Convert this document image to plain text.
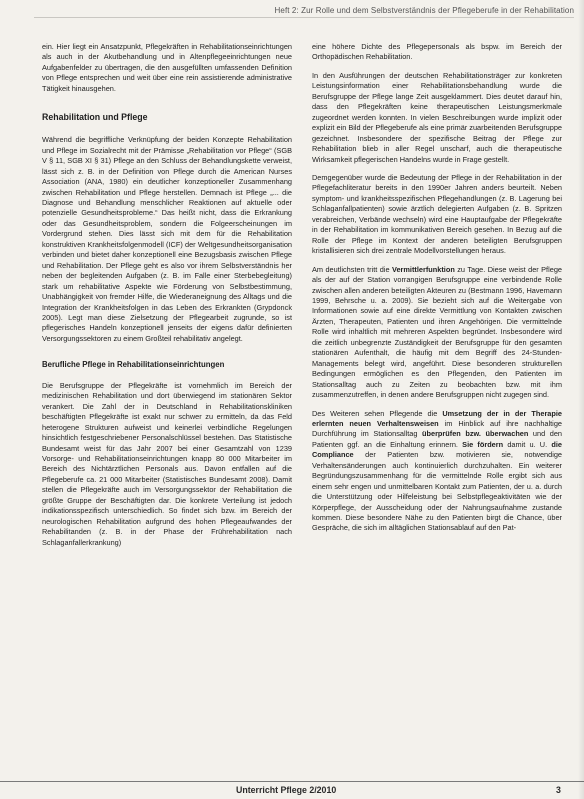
Heft 2: Zur Rolle und dem Selbstverständnis der Pflegeberufe in der Rehabilitation

ein. Hier liegt ein Ansatzpunkt, Pflegekräften in Rehabilitationseinrichtungen als auch in der Akutbehandlung und in Altenpflegeeinrichtungen neue Aufgabenfelder zu übertragen, die den ausgefüllten umfassenden Definition von Pflege entsprechen und weit über eine rein assistierende administrative Tätigkeit hinausgehen.

Rehabilitation und Pflege

Während die begriffliche Verknüpfung der beiden Konzepte Rehabilitation und Pflege im Sozialrecht mit der Prämisse „Rehabilitation vor Pflege“ (SGB V § 11, SGB XI § 31) Pflege an den Schluss der Behandlungskette verweist, lässt sich z. B. in der Definition von Pflege durch die American Nurses Association (ANA, 1980) ein deutlicher konzeptioneller Zusammenhang zwischen Rehabilitation und Pflege herstellen. Demnach ist Pflege „... die Diagnose und Behandlung menschlicher Reaktionen auf aktuelle oder potenzielle Gesundheitsprobleme.“ Das heißt nicht, dass die Erkrankung oder das Gesundheitsproblem, sondern die Folgeerscheinungen im Vordergrund stehen. Dies lässt sich mit dem für die Rehabilitation konstruktiven Krankheitsfolgenmodell (ICF) der Weltgesundheitsorganisation verbinden und bietet daher konzeptionell eine Bezugsbasis zwischen Pflege und Rehabilitation. Der Pflege geht es also vor ihrem Selbstverständnis her neben der begleitenden Aufgaben (z. B. im Falle einer Sterbebegleitung) stark um rehabilitative Aspekte wie Förderung von Selbstbestimmung, Unabhängigkeit von fremder Hilfe, die Wiederaneignung des Alltags und die Integration der Krankheitsfolgen in das Leben des Erkrankten (Grypdonck 2005). Legt man diese Zielsetzung der Pflegearbeit zugrunde, so ist pflegerisches Handeln konzeptionell jenseits der eigens dafür definierten Versorgungssektoren zu einem Großteil rehabilitativ angelegt.

Berufliche Pflege in Rehabilitationseinrichtungen

Die Berufsgruppe der Pflegekräfte ist vornehmlich im Bereich der medizinischen Rehabilitation und dort überwiegend im stationären Sektor verankert. Die Zahl der in Deutschland in Rehabilitationskliniken beschäftigten Pflegekräfte ist exakt nur schwer zu ermitteln, da das Feld heterogene Strukturen aufweist und keinerlei verbindliche Regelungen hinsichtlich festgeschriebener Personalschlüssel bestehen. Das Statistische Bundesamt weist für das Jahr 2007 bei einer Gesamtzahl von 1239 Vorsorge- und Rehabilitationseinrichtungen knapp 80 000 Mitarbeiter im Bereich des Nichtärztlichen Personals aus. Davon entfallen auf die Pflegeberufe ca. 21 000 Mitarbeiter (Statistisches Bundesamt 2008). Damit stellen die Pflegekräfte auch im Versorgungssektor der Rehabilitation die größte Gruppe der Beschäftigten dar. Die konkrete Verteilung ist jedoch indikationsspezifisch unterschiedlich. So findet sich bzw. im Bereich der neurologischen Rehabilitation aufgrund des hohen Pflegeaufwandes der Rehabilitanden (z. B. in der Phase der Frührehabilitation nach Schlaganfallerkrankung)

eine höhere Dichte des Pflegepersonals als bspw. im Bereich der Orthopädischen Rehabilitation.

In den Ausführungen der deutschen Rehabilitationsträger zur konkreten Leistungsinformation einer Rehabilitationsbehandlung wurde die Berufsgruppe der Pflege lange Zeit ausgeklammert. Dies deutet darauf hin, dass den Pflegekräften keine therapeutischen Leistungsmerkmale zugeordnet werden konnten. In vielen Beschreibungen wurde implizit oder explizit ein Bild der Pflegeberufe als eine primär zuarbeitenden Berufsgruppe gezeichnet. Insbesondere der spezifische Beitrag der Pflege zur Rehabilitation blieb in aller Regel unscharf, auch die therapeutische Wirksamkeit pflegerischen Handelns wurde in Frage gestellt.

Demgegenüber wurde die Bedeutung der Pflege in der Rehabilitation in der Pflegefachliteratur bereits in den 1990er Jahren anders beurteilt. Neben symptom- und krankheitsspezifischen Pflegehandlungen (z. B. Lagerung bei Schlaganfallpatienten) sowie ärztlich delegierten Aufgaben (z. B. Spritzen verabreichen, Verbände wechseln) wird eine Hauptaufgabe der Pflegekräfte in der Rehabilitation im kommunikativen Bereich gesehen. In Bezug auf die Rolle der Pflege im Kontext der anderen beteiligten Berufsgruppen kristallisieren sich drei zentrale Modellvorstellungen heraus.

Am deutlichsten tritt die Vermittlerfunktion zu Tage. Diese weist der Pflege als der auf der Station vorrangigen Berufsgruppe eine verbindende Rolle zwischen allen anderen beteiligten Akteuren zu (Bestmann 1996, Havemann 1999, Behrsche u. a. 2009). Sie bezieht sich auf die Weitergabe von Informationen sowie auf eine direkte Vermittlung von Kontakten zwischen Ärzten, Therapeuten, Patienten und ihren Angehörigen. Die vermittelnde Rolle wird inhaltlich mit mehreren Aspekten begründet. Insbesondere wird die zeitlich unbegrenzte Zuständigkeit der Berufsgruppe für den gesamten stationären Aufenthalt, die häufig mit dem Begriff des 24-Stunden-Managements belegt wird, angeführt. Diese besonderen strukturellen Bedingungen ermöglichen es den Pflegenden, den Patienten im Stationsalltag auch zu Zeiten zu beobachten bzw. mit ihm zusammenzutreffen, in denen andere Berufsgruppen nicht zugegen sind.

Des Weiteren sehen Pflegende die Umsetzung der in der Therapie erlernten neuen Verhaltensweisen im Hinblick auf ihre nachhaltige Durchführung im Stationsalltag überprüfen bzw. überwachen und den Patienten ggf. an die Einhaltung erinnern. Sie fördern damit u. U. die Compliance der Patienten bzw. motivieren sie, notwendige Verhaltensänderungen auch kontinuierlich durchzuhalten. Ein weiterer Begründungszusammenhang für die vermittelnde Rolle ergibt sich aus einem sehr engen und unmittelbaren Kontakt zum Patienten, der u. a. durch die Unterstützung oder Hilfeleistung bei Selbstpflegeaktivitäten wie der Körperpflege, der Ausscheidung oder der Nahrungsaufnahme zustande kommen. Diese besondere Nähe zu den Patienten birgt die Chance, über Gespräche, die sich im alltäglichen Stationsablauf auf den Pat-

Unterricht Pflege 2/2010	3
